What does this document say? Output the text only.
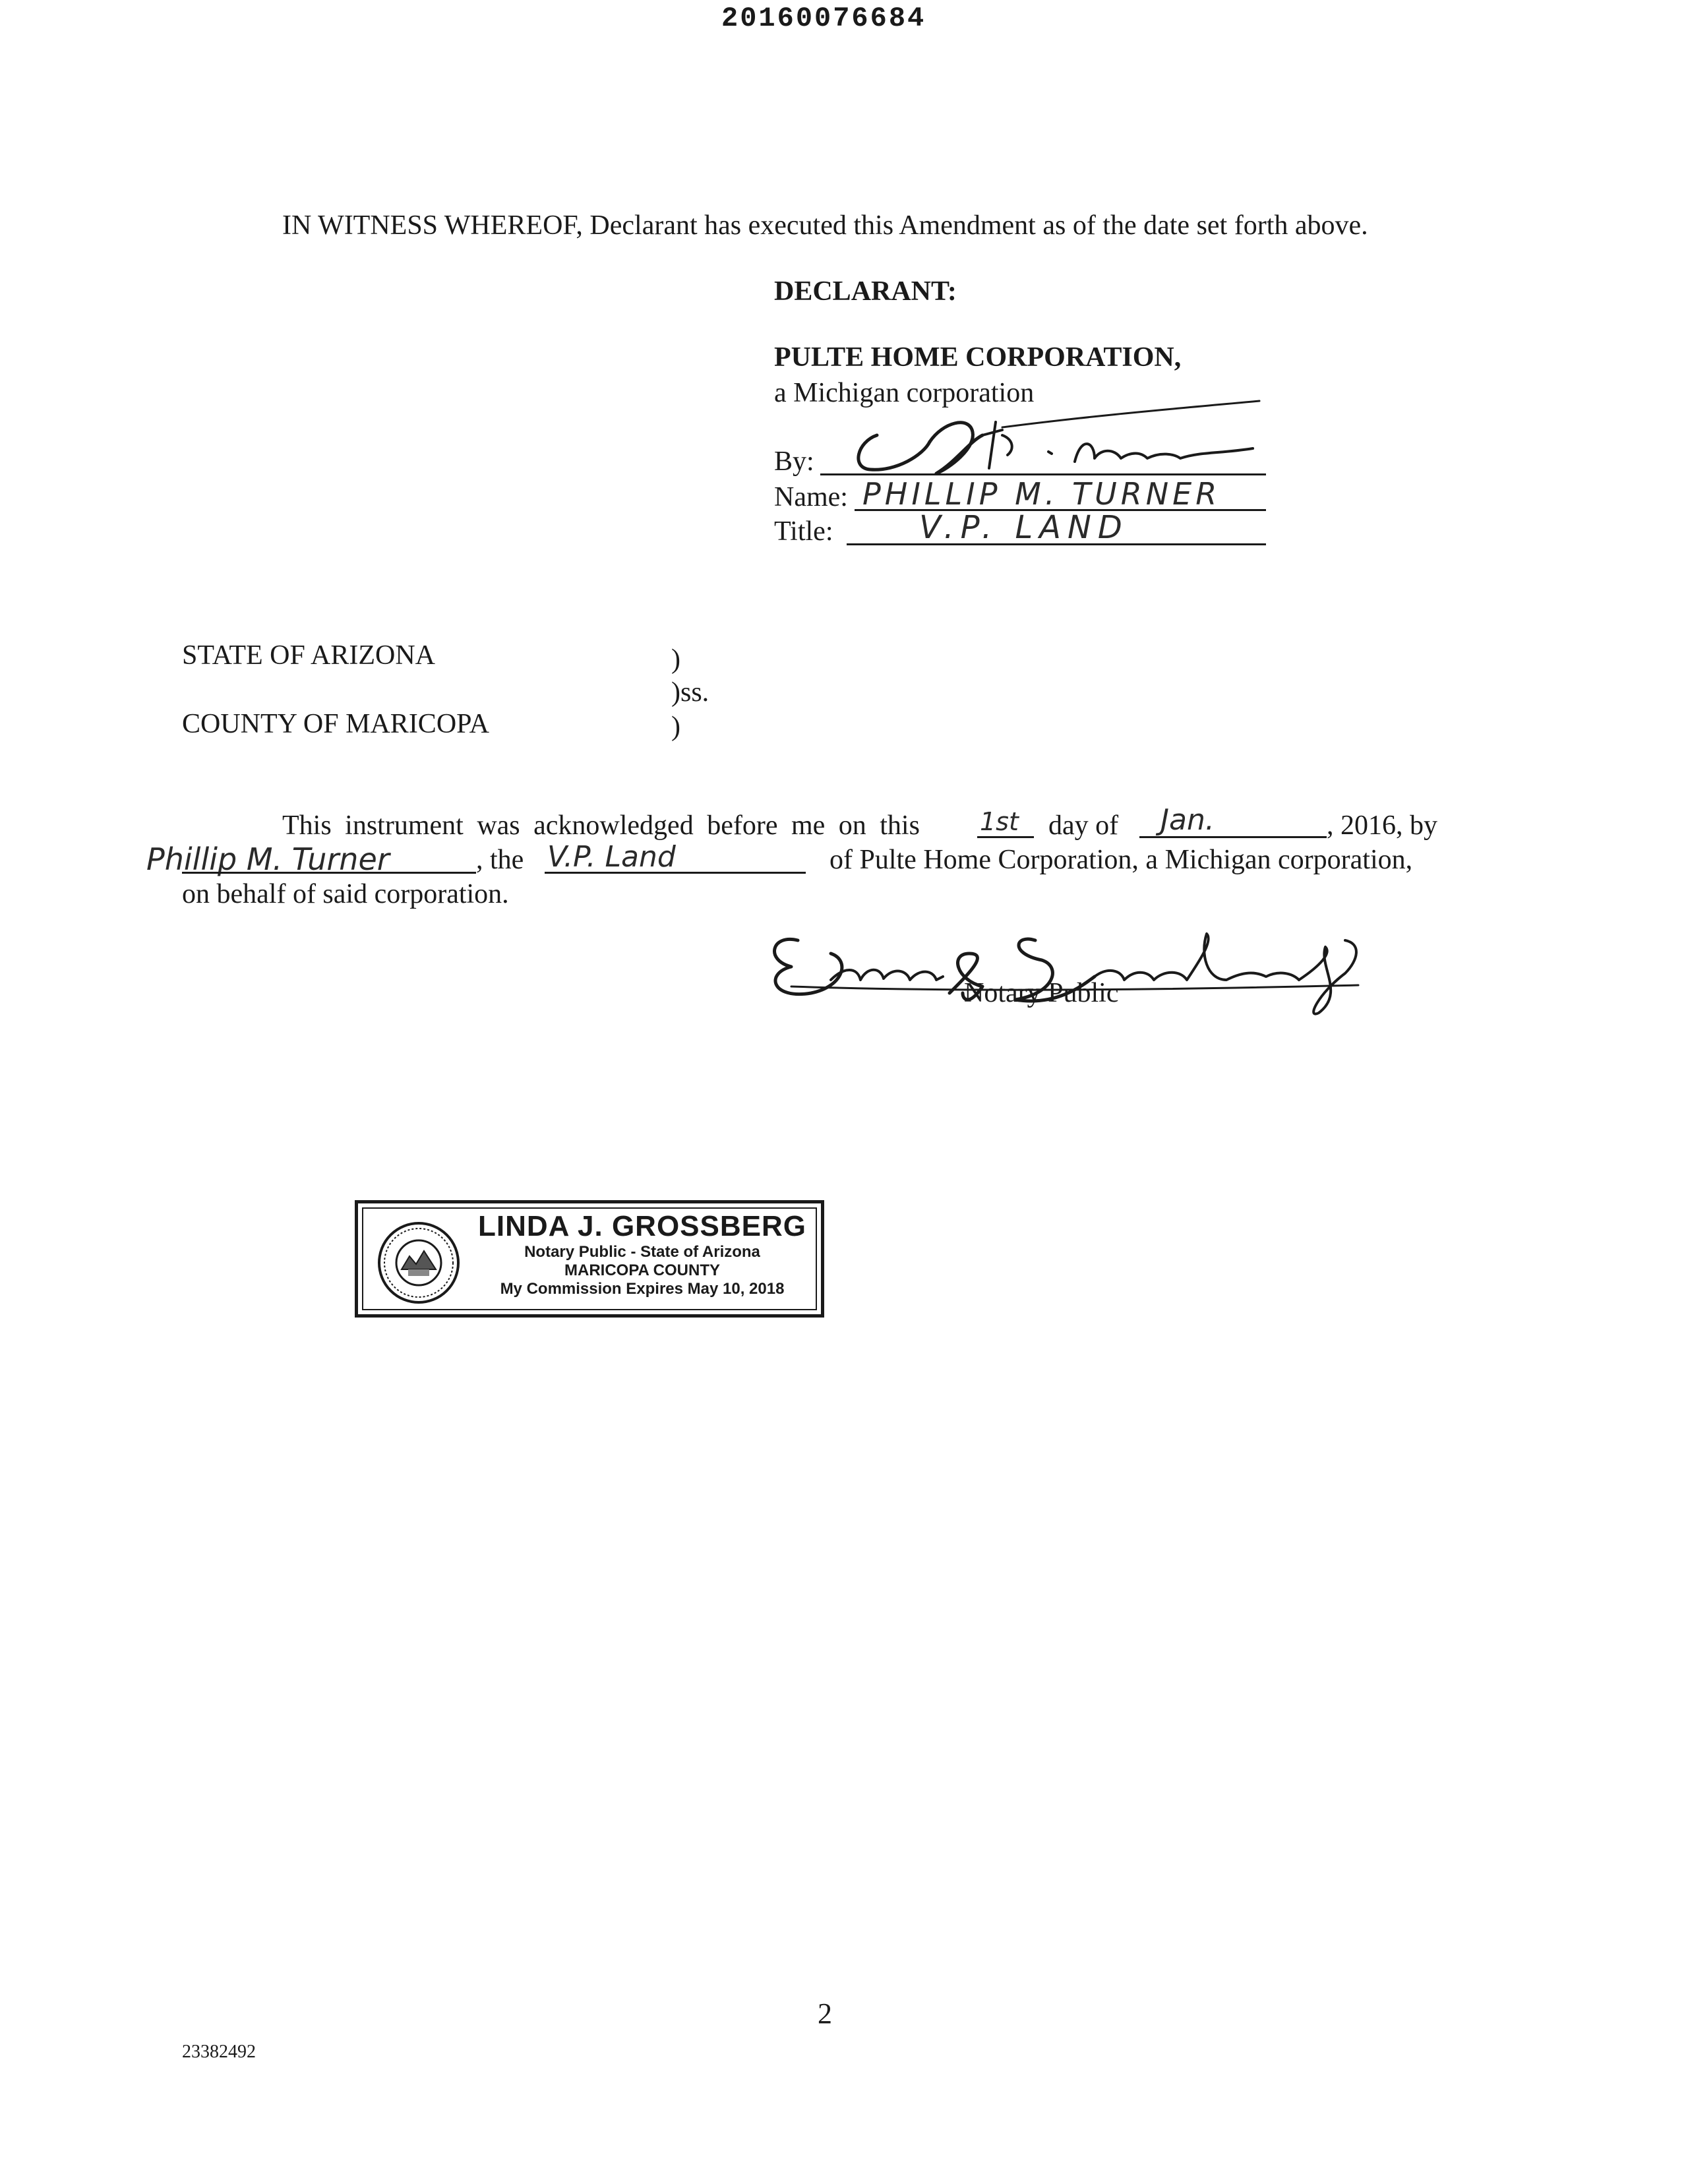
20160076684
IN WITNESS WHEREOF, Declarant has executed this Amendment as of the date set forth above.
DECLARANT:
PULTE HOME CORPORATION,
a Michigan corporation
By:
Name: PHILLIP M. TURNER
Title:	V.P. LAND
STATE OF ARIZONA	)
)ss.
COUNTY OF MARICOPA	)
This instrument was acknowledged before me on this 1st day of Jan.	, 2016, by
Phillip M. Turner	, the V.P. Land	of Pulte Home Corporation, a Michigan corporation,
on behalf of said corporation.
Notary Public
LINDA J. GROSSBERG
Notary Public - State of Arizona
MARICOPA COUNTY
My Commission Expires May 10, 2018
2
23382492
